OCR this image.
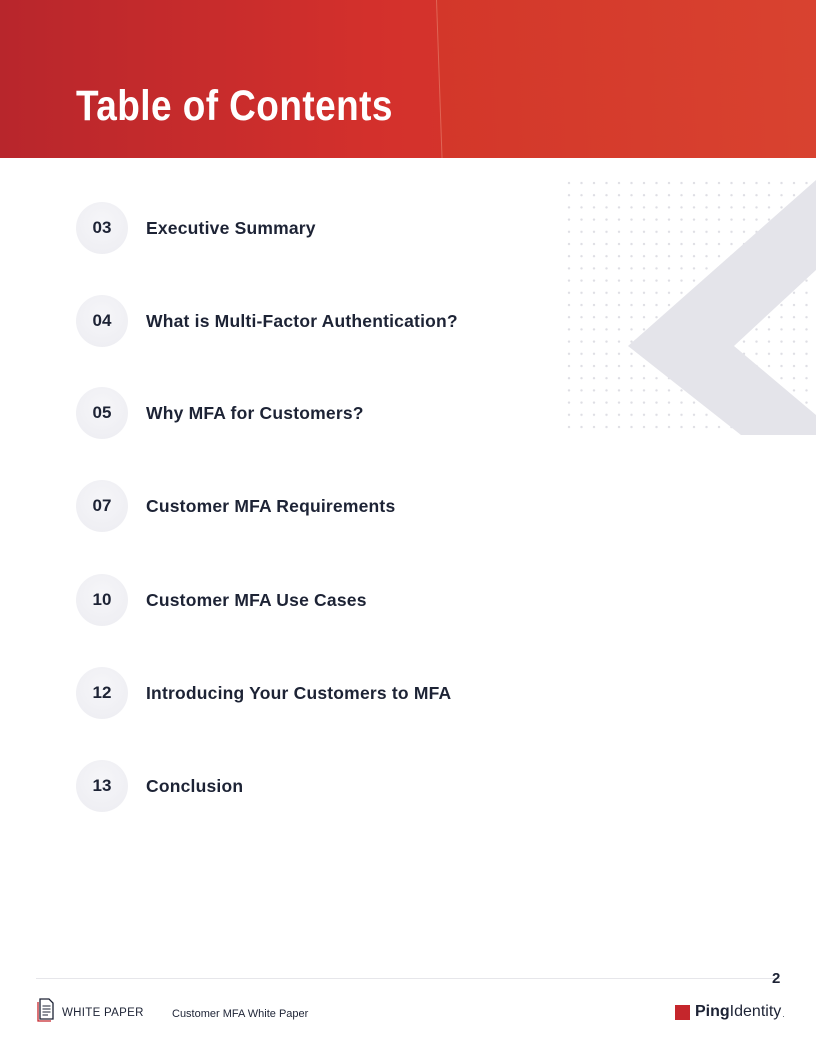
Table of Contents
03	Executive Summary
04	What is Multi-Factor Authentication?
05	Why MFA for Customers?
07	Customer MFA Requirements
10	Customer MFA Use Cases
12	Introducing Your Customers to MFA
13	Conclusion
2
WHITE PAPER	Customer MFA White Paper	Ping Identity .
